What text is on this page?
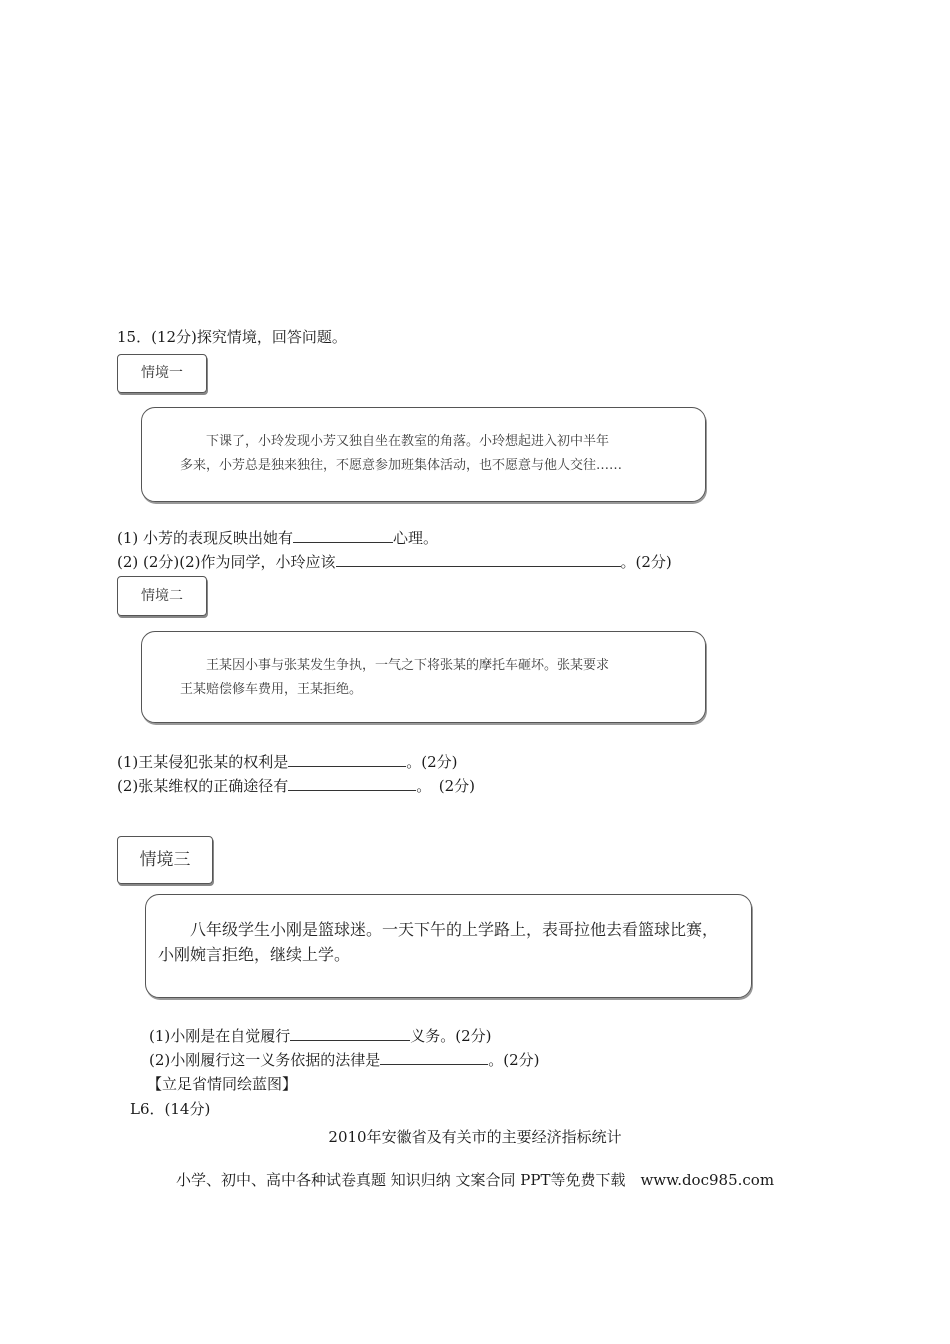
15．(12分)探究情境，回答问题。
情境一

下课了，小玲发现小芳又独自坐在教室的角落。小玲想起进入初中半年

多来，小芳总是独来独往，不愿意参加班集体活动，也不愿意与他人交往……

(1) 小芳的表现反映出她有	心理。
(2) (2分)(2)作为同学，小玲应该	。(2分)
情境二

王某因小事与张某发生争执，一气之下将张某的摩托车砸坏。张某要求

王某赔偿修车费用，王某拒绝。

(1)王某侵犯张某的权利是	。(2分)
(2)张某维权的正确途径有	。　(2分)
情境三

八年级学生小刚是篮球迷。一天下午的上学路上，表哥拉他去看篮球比赛，

小刚婉言拒绝，继续上学。

(1)小刚是在自觉履行	义务。(2分)
(2)小刚履行这一义务依据的法律是	。(2分)
【立足省情同绘蓝图】
L6．(14分)
2010年安徽省及有关市的主要经济指标统计
小学、初中、高中各种试卷真题 知识归纳 文案合同 PPT等免费下载　www.doc985.com
